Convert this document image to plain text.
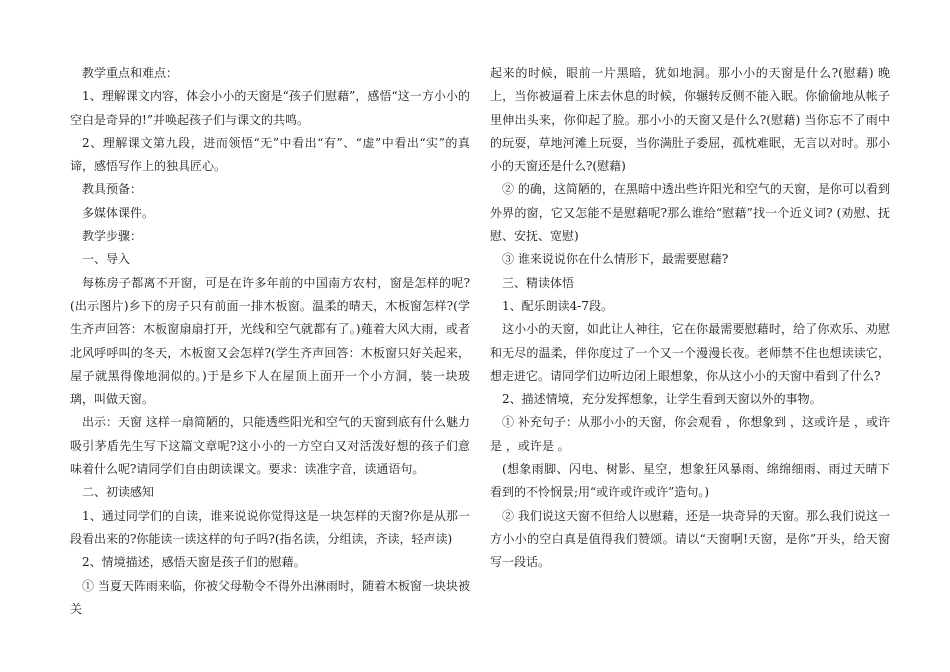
教学重点和难点：

1、理解课文内容，体会小小的天窗是“孩子们慰藉”，感悟“这一方小小的空白是奇异的!”并唤起孩子们与课文的共鸣。

2、理解课文第九段，进而领悟“无”中看出“有”、“虚”中看出“实”的真谛，感悟写作上的独具匠心。

教具预备：

多媒体课件。

教学步骤：

一、导入

每栋房子都离不开窗，可是在许多年前的中国南方农村，窗是怎样的呢?(出示图片)乡下的房子只有前面一排木板窗。温柔的晴天，木板窗怎样?(学生齐声回答：木板窗扇扇打开，光线和空气就都有了。)薤着大风大雨，或者北风呼呼叫的冬天，木板窗又会怎样?(学生齐声回答：木板窗只好关起来，屋子就黑得像地洞似的。)于是乡下人在屋顶上面开一个小方洞，装一块玻璃，叫做天窗。

出示：天窗 这样一扇简陋的，只能透些阳光和空气的天窗到底有什么魅力吸引茅盾先生写下这篇文章呢?这小小的一方空白又对活泼好想的孩子们意味着什么呢?请同学们自由朗读课文。要求：读准字音，读通语句。

二、初读感知

1、通过同学们的自读，谁来说说你觉得这是一块怎样的天窗?你是从那一段看出来的?你能读一读这样的句子吗?(指名读，分组读，齐读，轻声读)

2、情境描述，感悟天窗是孩子们的慰藉。

① 当夏天阵雨来临，你被父母勒令不得外出淋雨时，随着木板窗一块块被关

起来的时候，眼前一片黑暗，犹如地洞。那小小的天窗是什么?(慰藉) 晚上，当你被逼着上床去休息的时候，你辗转反侧不能入眠。你偷偷地从帐子里伸出头来，你仰起了脸。那小小的天窗又是什么?(慰藉) 当你忘不了雨中的玩耍，草地河滩上玩耍，当你满肚子委屈，孤枕难眠，无言以对时。那小小的天窗还是什么?(慰藉)

② 的确，这简陋的，在黑暗中透出些许阳光和空气的天窗，是你可以看到外界的窗，它又怎能不是慰藉呢?那么谁给“慰藉”找一个近义词? (劝慰、抚慰、安抚、宽慰)

③ 谁来说说你在什么情形下，最需要慰藉?

三、精读体悟

1、配乐朗读4-7段。

这小小的天窗，如此让人神往，它在你最需要慰藉时，给了你欢乐、劝慰和无尽的温柔，伴你度过了一个又一个漫漫长夜。老师禁不住也想读读它，想走进它。请同学们边听边闭上眼想象，你从这小小的天窗中看到了什么?

2、描述情境，充分发挥想象，让学生看到天窗以外的事物。

① 补充句子：从那小小的天窗，你会观看 ，你想象到 ，这或许是 ，或许是 ，或许是 。

(想象雨脚、闪电、树影、星空，想象狂风暴雨、绵绵细雨、雨过天晴下看到的不怜悯景;用“或许或许或许”造句。)

② 我们说这天窗不但给人以慰藉，还是一块奇异的天窗。那么我们说这一方小小的空白真是值得我们赞颂。请以“天窗啊!天窗，是你”开头，给天窗写一段话。
